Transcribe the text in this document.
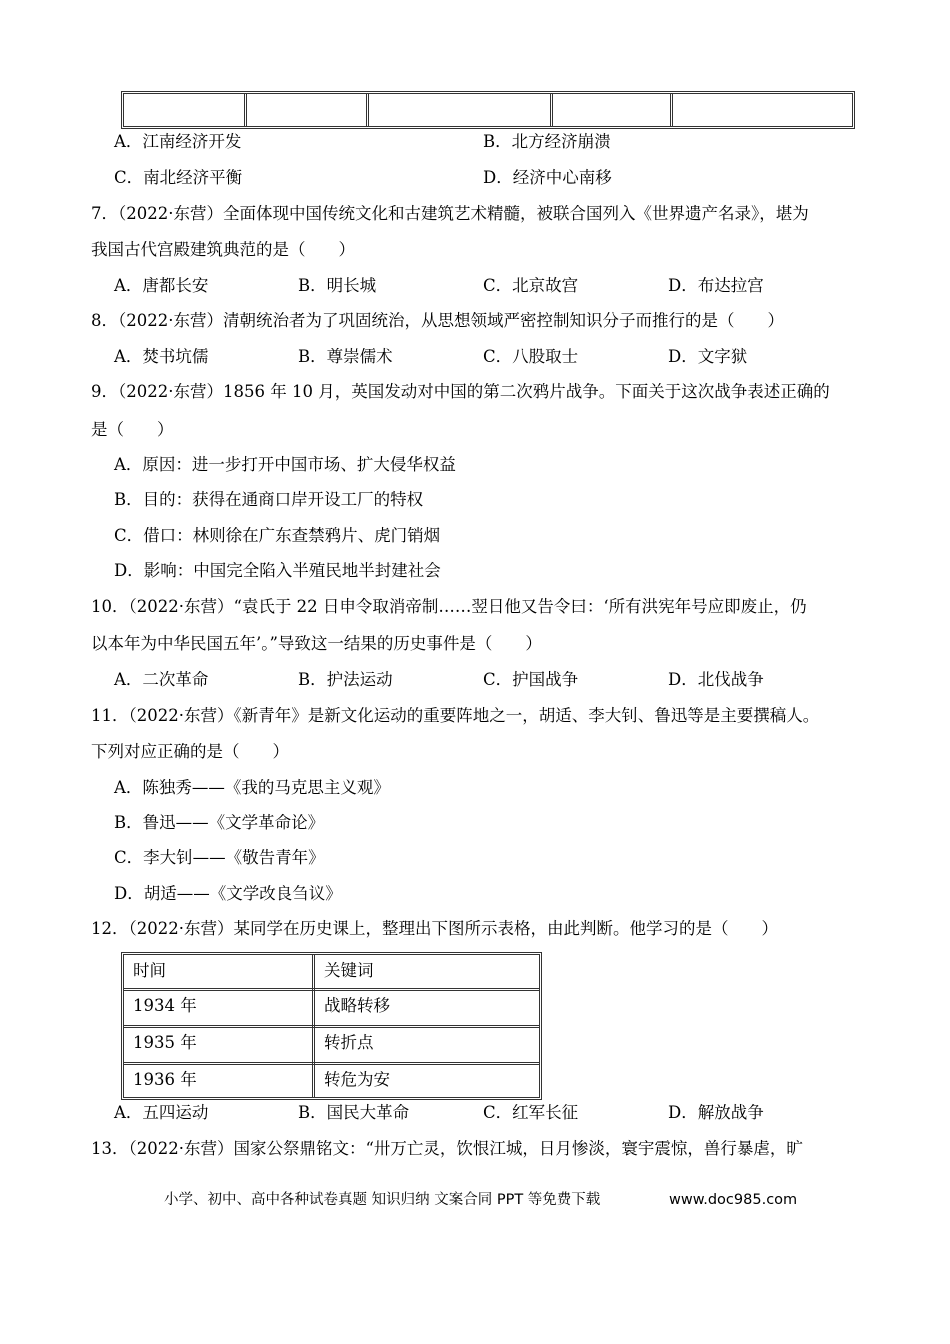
A．江南经济开发	B．北方经济崩溃
C．南北经济平衡	D．经济中心南移
7．（2022·东营）全面体现中国传统文化和古建筑艺术精髓，被联合国列入《世界遗产名录》，堪为
我国古代宫殿建筑典范的是（　　）
A．唐都长安	B．明长城	C．北京故宫	D．布达拉宫
8．（2022·东营）清朝统治者为了巩固统治，从思想领域严密控制知识分子而推行的是（　　）
A．焚书坑儒	B．尊崇儒术	C．八股取士	D．文字狱
9．（2022·东营）1856 年 10 月，英国发动对中国的第二次鸦片战争。下面关于这次战争表述正确的
是（　　）
A．原因：进一步打开中国市场、扩大侵华权益
B．目的：获得在通商口岸开设工厂的特权
C．借口：林则徐在广东查禁鸦片、虎门销烟
D．影响：中国完全陷入半殖民地半封建社会
10．（2022·东营）“袁氏于 22 日申令取消帝制……翌日他又告令曰：‘所有洪宪年号应即废止，仍
以本年为中华民国五年’。”导致这一结果的历史事件是（　　）
A．二次革命	B．护法运动	C．护国战争	D．北伐战争
11．（2022·东营）《新青年》是新文化运动的重要阵地之一，胡适、李大钊、鲁迅等是主要撰稿人。
下列对应正确的是（　　）
A．陈独秀——《我的马克思主义观》
B．鲁迅——《文学革命论》
C．李大钊——《敬告青年》
D．胡适——《文学改良刍议》
12．（2022·东营）某同学在历史课上，整理出下图所示表格，由此判断。他学习的是（　　）
时间	关键词
1934 年	战略转移
1935 年	转折点
1936 年	转危为安
A．五四运动	B．国民大革命	C．红军长征	D．解放战争
13．（2022·东营）国家公祭鼎铭文：“卅万亡灵，饮恨江城，日月惨淡，寰宇震惊，兽行暴虐，旷
小学、初中、高中各种试卷真题 知识归纳 文案合同 PPT 等免费下载	www.doc985.com
